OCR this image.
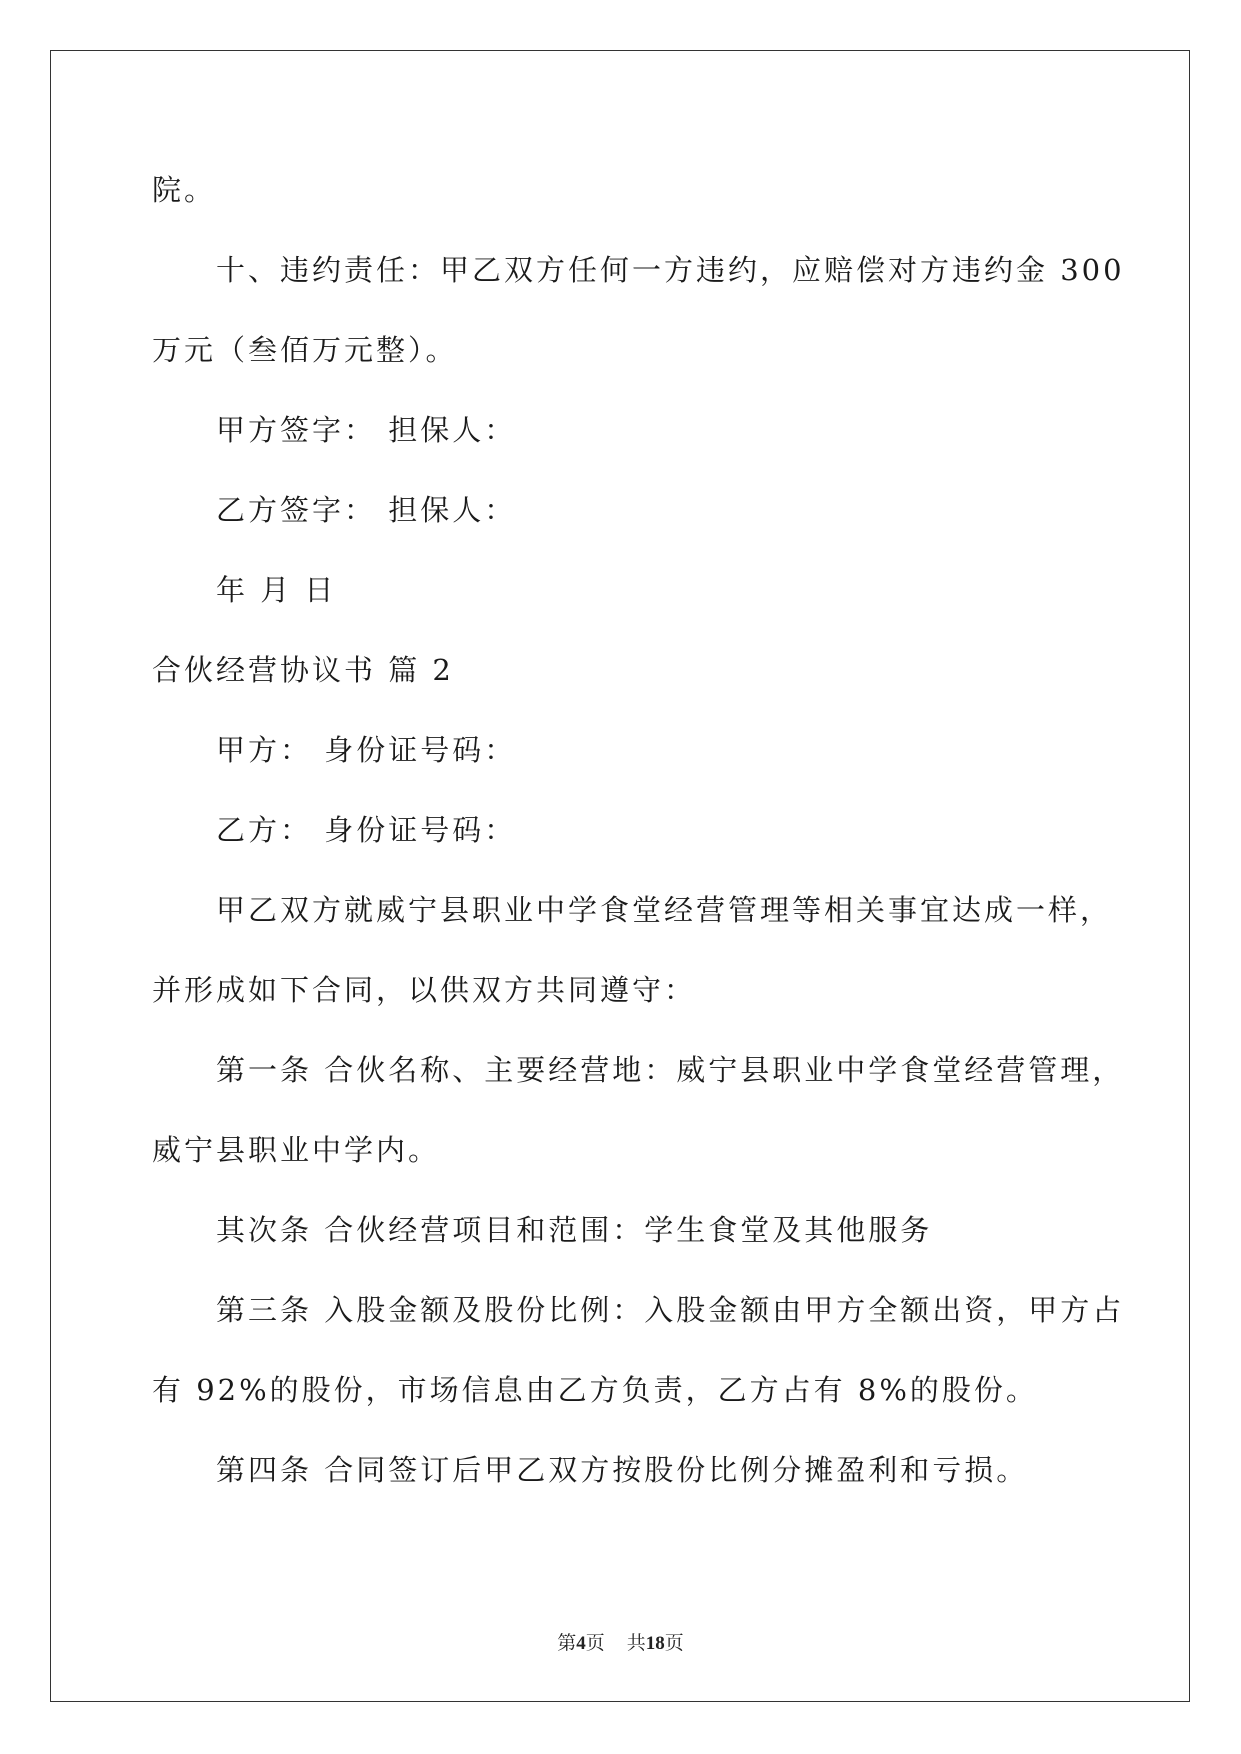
院。
十、违约责任：甲乙双方任何一方违约，应赔偿对方违约金 300
万元（叁佰万元整）。
甲方签字： 担保人：
乙方签字： 担保人：
年 月 日
合伙经营协议书 篇 2
甲方： 身份证号码：
乙方： 身份证号码：
甲乙双方就威宁县职业中学食堂经营管理等相关事宜达成一样，
并形成如下合同，以供双方共同遵守：
第一条 合伙名称、主要经营地：威宁县职业中学食堂经营管理，
威宁县职业中学内。
其次条 合伙经营项目和范围：学生食堂及其他服务
第三条 入股金额及股份比例：入股金额由甲方全额出资，甲方占
有 92%的股份，市场信息由乙方负责，乙方占有 8%的股份。
第四条 合同签订后甲乙双方按股份比例分摊盈利和亏损。
第4页 共18页
